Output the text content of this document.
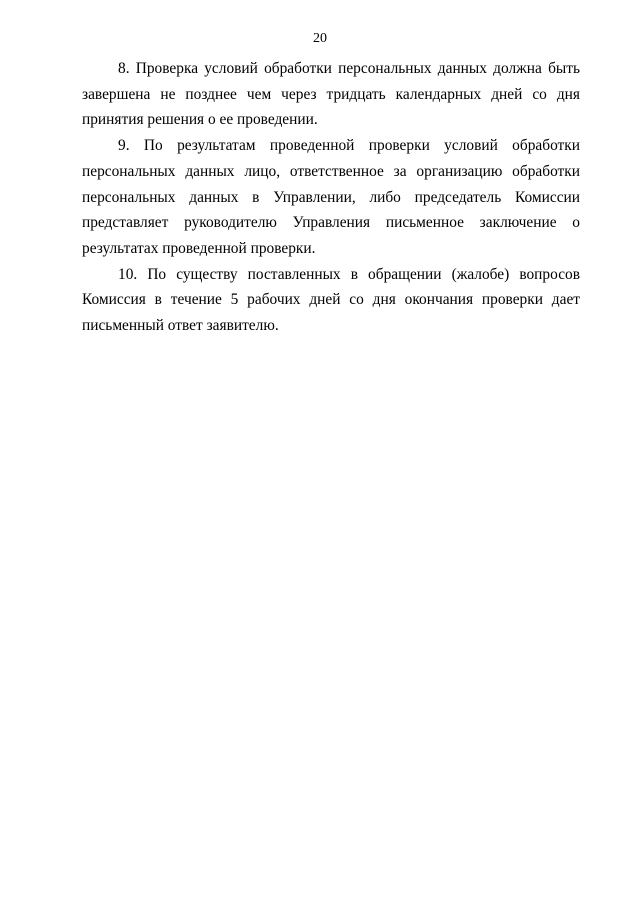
20

8. Проверка условий обработки персональных данных должна быть завершена не позднее чем через тридцать календарных дней со дня принятия решения о ее проведении.

9. По результатам проведенной проверки условий обработки персональных данных лицо, ответственное за организацию обработки персональных данных в Управлении, либо председатель Комиссии представляет руководителю Управления письменное заключение о результатах проведенной проверки.

10. По существу поставленных в обращении (жалобе) вопросов Комиссия в течение 5 рабочих дней со дня окончания проверки дает письменный ответ заявителю.
